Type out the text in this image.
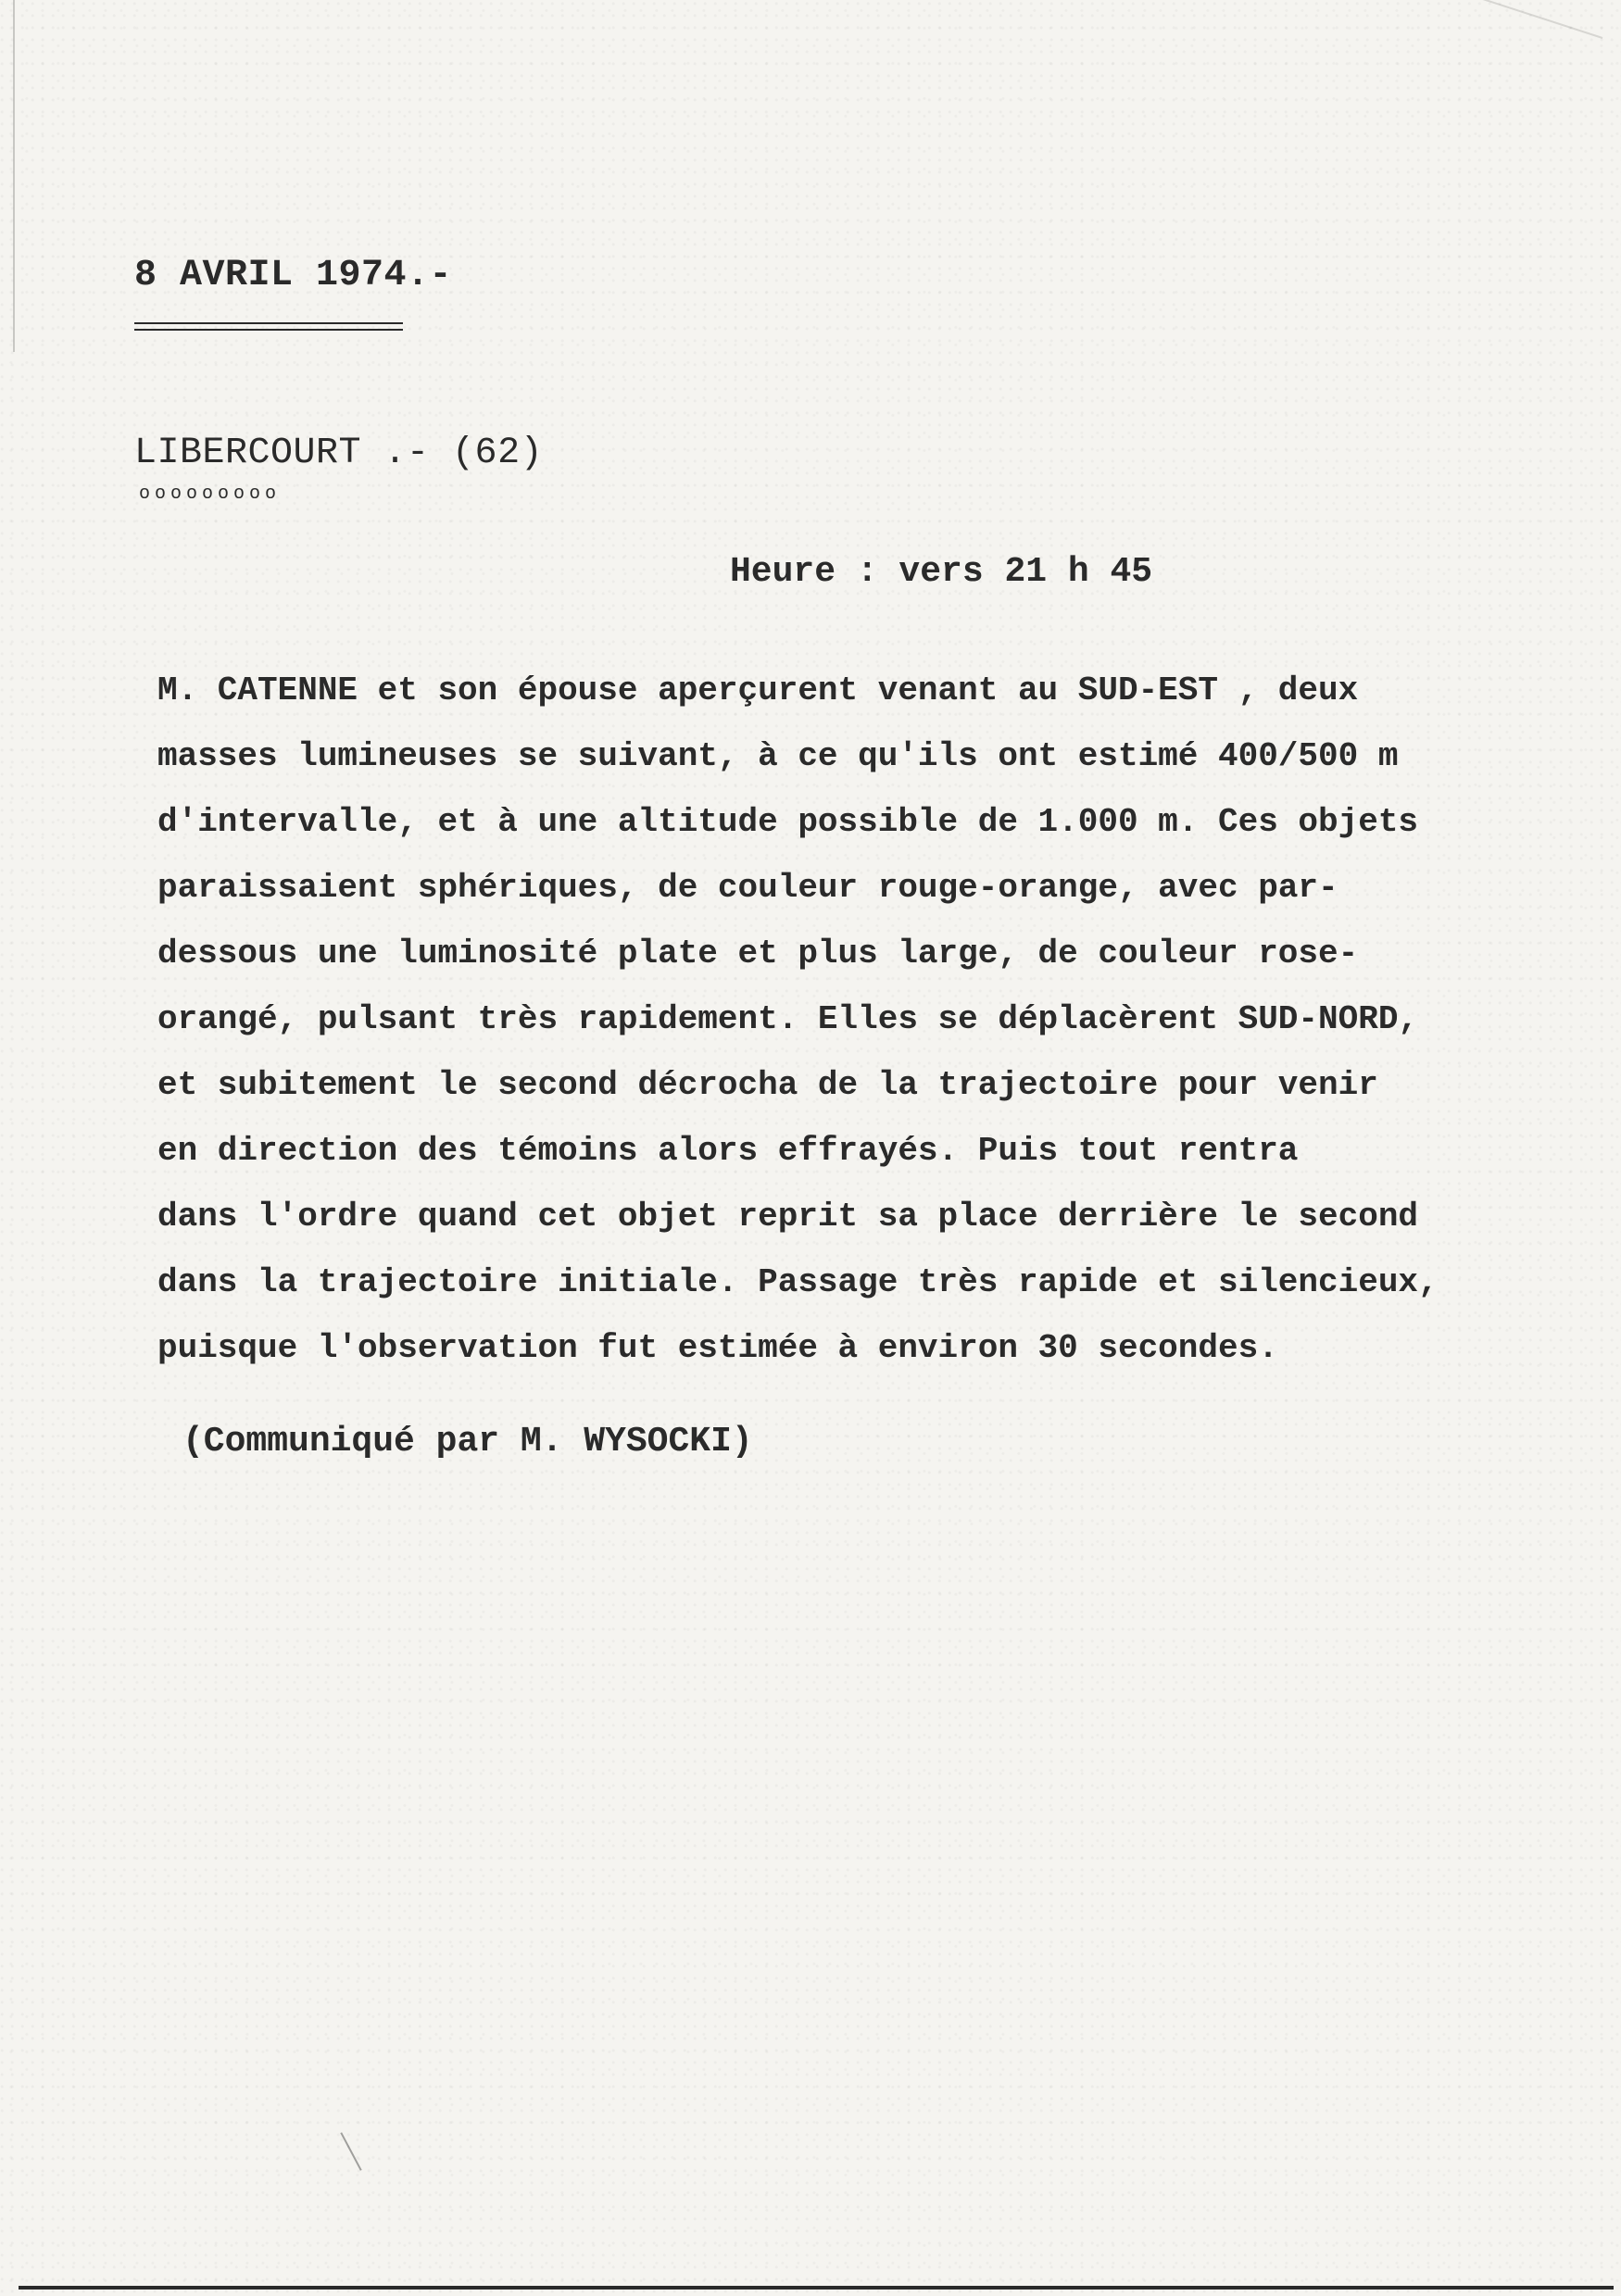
8 AVRIL 1974.-
LIBERCOURT .- (62)
ooooooooo
Heure : vers 21 h 45
M. CATENNE et son épouse aperçurent venant au SUD-EST , deux
masses lumineuses se suivant, à ce qu'ils ont estimé 400/500 m
d'intervalle, et à une altitude possible de 1.000 m. Ces objets
paraissaient sphériques, de couleur rouge-orange, avec par-
dessous une luminosité plate et plus large, de couleur rose-
orangé, pulsant très rapidement. Elles se déplacèrent SUD-NORD,
et subitement le second décrocha de la trajectoire pour venir
en direction des témoins alors effrayés. Puis tout rentra
dans l'ordre quand cet objet reprit sa place derrière le second
dans la trajectoire initiale. Passage très rapide et silencieux,
puisque l'observation fut estimée à environ 30 secondes.
(Communiqué par M. WYSOCKI)
